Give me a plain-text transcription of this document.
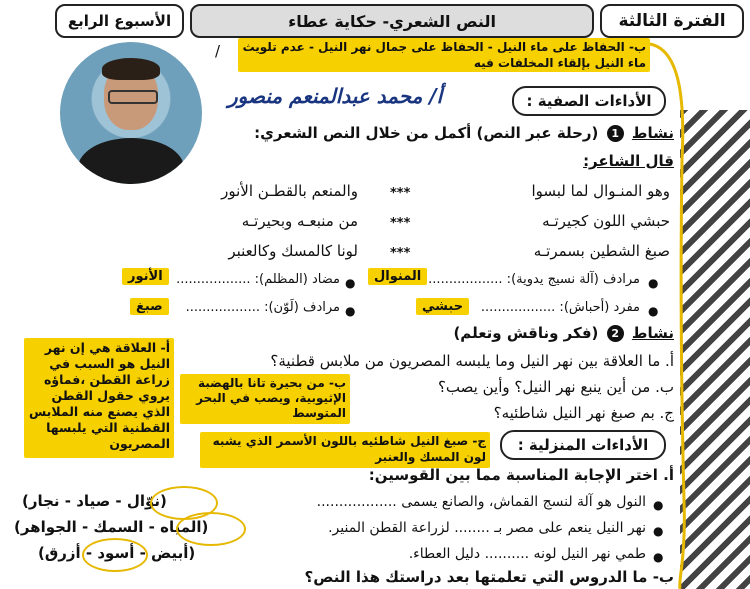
الفترة الثالثة
النص الشعري- حكاية عطاء
الأسبوع الرابع
/	ب- الحفاظ على ماء النيل - الحفاظ على جمال نهر النيل - عدم تلويث ماء النيل بإلقاء المخلفات فيه
أ/ محمد عبدالمنعم منصور	الأداءات الصفية :
نشاط 1 (رحلة عبر النص) أكمل من خلال النص الشعري:
قال الشاعر:
وهو المنـوال لما لبسوا
***
والمنعم بالقطـن الأنور
حبشي اللون كجيرتـه
***
من منبعـه وبحيرتـه
صبغ الشطين بسمرتـه
***
لونا كالمسك وكالعنبر
●
مرادف (آلة نسيج يدوية): ..................
المنوال
●
مضاد (المظلم): ..................
الأنور
●
مفرد (أحباش): ..................
حبشي
●
مرادف (لَوّن): ..................
صبغ
نشاط 2 (فكر وناقش وتعلم)
أ. ما العلاقة بين نهر النيل وما يلبسه المصريون من ملابس قطنية؟
ب. من أين ينبع نهر النيل؟ وأين يصب؟
ج. بم صبغ نهر النيل شاطئيه؟
أ- العلاقة هي إن نهر النيل هو السبب في زراعة القطن ،فماؤه يروي حقول القطن الذي يصنع منه الملابس القطنية التي يلبسها المصريون
ب- من بحيرة تانا بالهضبة الإثيوبية، ويصب في البحر المتوسط
ج- صبغ النيل شاطئيه باللون الأسمر الذي يشبه لون المسك والعنبر
الأداءات المنزلية :
أ. اختر الإجابة المناسبة مما بين القوسين:
●
النول هو آلة لنسج القماش، والصانع يسمى ..................
(نوّال - صياد - نجار)
●
نهر النيل ينعم على مصر بـ ........ لزراعة القطن المنير.
(المياه - السمك - الجواهر)
●
طمي نهر النيل لونه .......... دليل العطاء.
(أبيض - أسود - أزرق)
ب- ما الدروس التي تعلمتها بعد دراستك هذا النص؟
